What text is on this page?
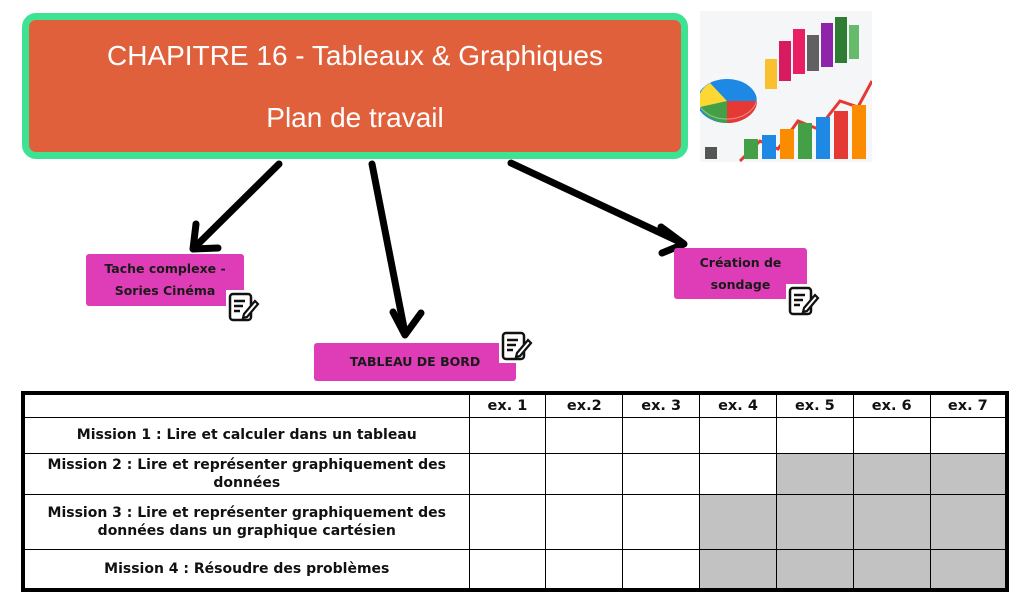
CHAPITRE 16 - Tableaux & Graphiques
Plan de travail
Tache complexe - Sories Cinéma
TABLEAU DE BORD
Création de sondage
	ex. 1	ex.2	ex. 3	ex. 4	ex. 5	ex. 6	ex. 7
Mission 1 : Lire et calculer dans un tableau							
Mission 2 : Lire et représenter graphiquement des données							
Mission 3 : Lire et représenter graphiquement des données dans un graphique cartésien							
Mission 4 : Résoudre des problèmes							
